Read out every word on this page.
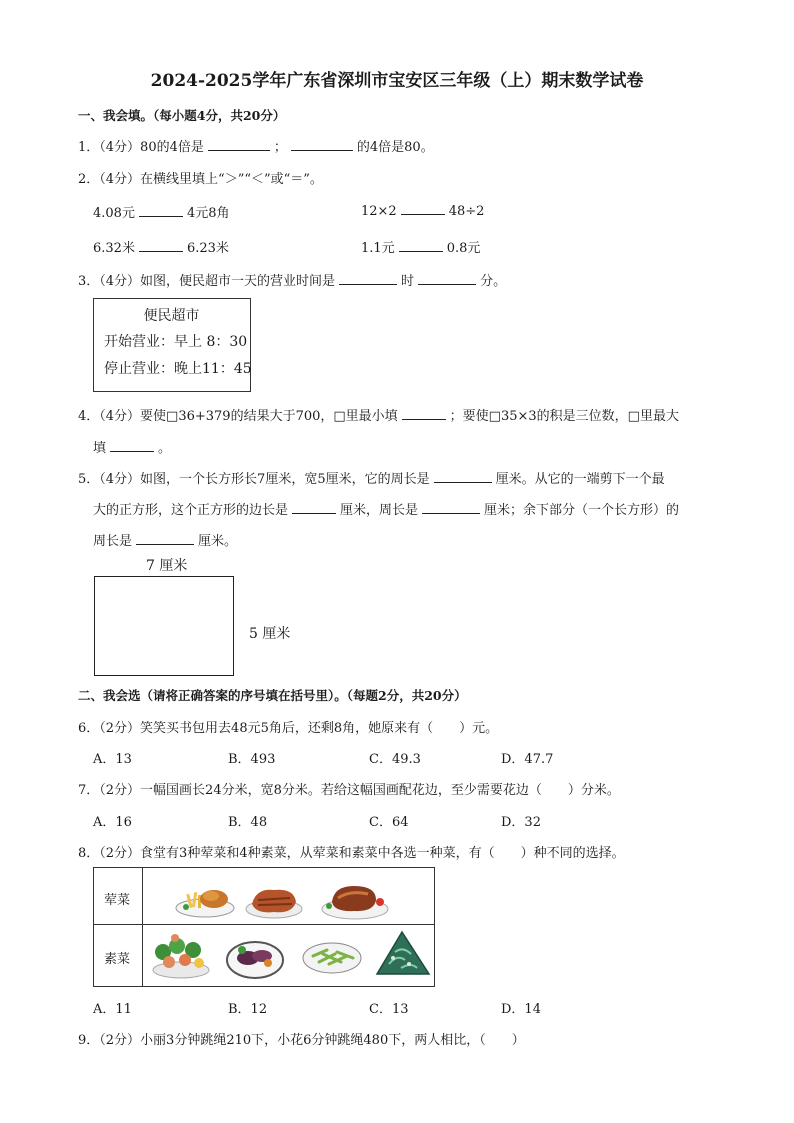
2024-2025学年广东省深圳市宝安区三年级（上）期末数学试卷
一、我会填。（每小题4分，共20分）
1．（4分）80的4倍是	；	的4倍是80。
2．（4分）在横线里填上“＞”“＜”或“＝”。
4.08元	4元8角	12×2	48÷2
6.32米	6.23米	1.1元	0.8元
3．（4分）如图，便民超市一天的营业时间是	时	分。
便民超市
开始营业：早上 8：30
停止营业：晚上11：45
4．（4分）要使□36+379的结果大于700，□里最小填	；要使□35×3的积是三位数，□里最大
填	。
5．（4分）如图，一个长方形长7厘米，宽5厘米，它的周长是	厘米。从它的一端剪下一个最
大的正方形，这个正方形的边长是	厘米，周长是	厘米；余下部分（一个长方形）的
周长是	厘米。
7 厘米
5 厘米
二、我会选（请将正确答案的序号填在括号里）。（每题2分，共20分）
6．（2分）笑笑买书包用去48元5角后，还剩8角，她原来有（　　）元。
A．13	B．493	C．49.3	D．47.7
7．（2分）一幅国画长24分米，宽8分米。若给这幅国画配花边，至少需要花边（　　）分米。
A．16	B．48	C．64	D．32
8．（2分）食堂有3种荤菜和4种素菜，从荤菜和素菜中各选一种菜，有（　　）种不同的选择。
荤菜
素菜
A．11	B．12	C．13	D．14
9．（2分）小丽3分钟跳绳210下，小花6分钟跳绳480下，两人相比，（　　）
